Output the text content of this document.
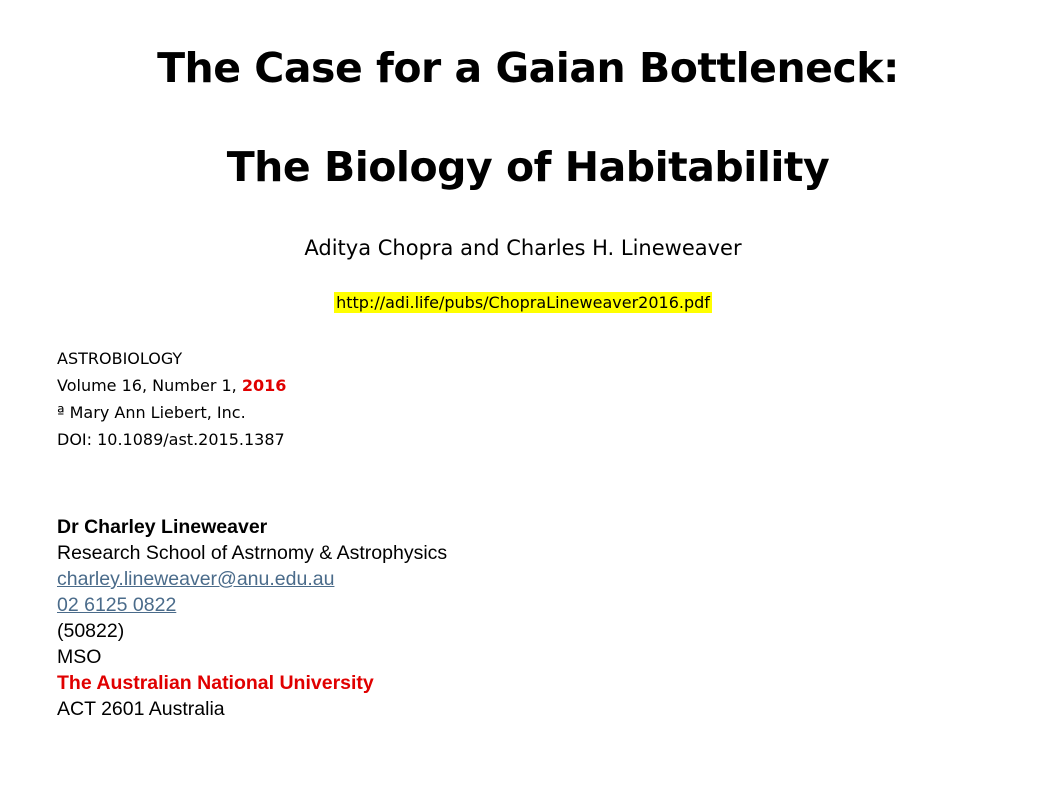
The Case for a Gaian Bottleneck:
The Biology of Habitability
Aditya Chopra and Charles H. Lineweaver
http://adi.life/pubs/ChopraLineweaver2016.pdf
ASTROBIOLOGY
Volume 16, Number 1, 2016
ª Mary Ann Liebert, Inc.
DOI: 10.1089/ast.2015.1387
Dr Charley Lineweaver
Research School of Astrnomy & Astrophysics
charley.lineweaver@anu.edu.au
02 6125 0822
(50822)
MSO
The Australian National University
ACT 2601 Australia
